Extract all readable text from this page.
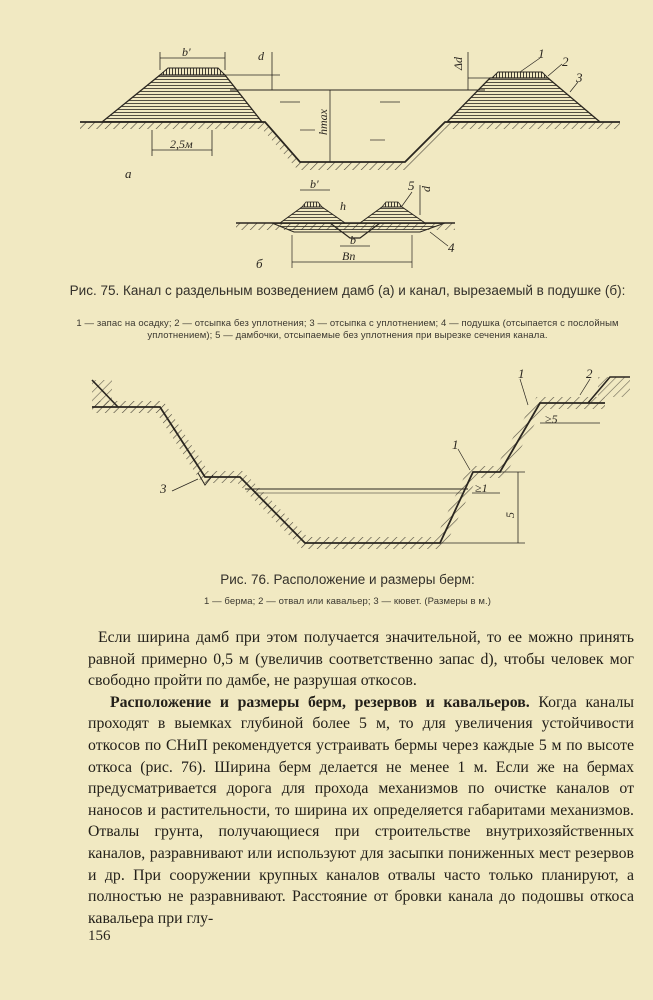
b'	d
Δd
1
2
3
hmax
2,5м
а
b'	d
5
h
b
Bп
4
б
Рис. 75. Канал с раздельным возведением дамб (а) и канал, вырезаемый в подушке (б):
1 — запас на осадку; 2 — отсыпка без уплотнения; 3 — отсыпка с уплотнением; 4 — подушка (отсыпается с послойным уплотнением); 5 — дамбочки, отсыпаемые без уплотнения при вырезке сечения канала.
3
1	2
1
≥5
≥1
5
Рис. 76. Расположение и размеры берм:
1 — берма; 2 — отвал или кавальер; 3 — кювет. (Размеры в м.)

Если ширина дамб при этом получается значительной, то ее можно принять равной примерно 0,5 м (увеличив соответственно запас d), чтобы человек мог свободно пройти по дамбе, не разрушая откосов.

Расположение и размеры берм, резервов и кавальеров. Когда каналы проходят в выемках глубиной более 5 м, то для увеличения устойчивости откосов по СНиП рекомендуется устраивать бермы через каждые 5 м по высоте откоса (рис. 76). Ширина берм делается не менее 1 м. Если же на бермах предусматривается дорога для прохода механизмов по очистке каналов от наносов и растительности, то ширина их определяется габаритами механизмов. Отвалы грунта, получающиеся при строительстве внутрихозяйственных каналов, разравнивают или используют для засыпки пониженных мест резервов и др. При сооружении крупных каналов отвалы часто только планируют, а полностью не разравнивают. Расстояние от бровки канала до подошвы откоса кавальера при глу-

156
